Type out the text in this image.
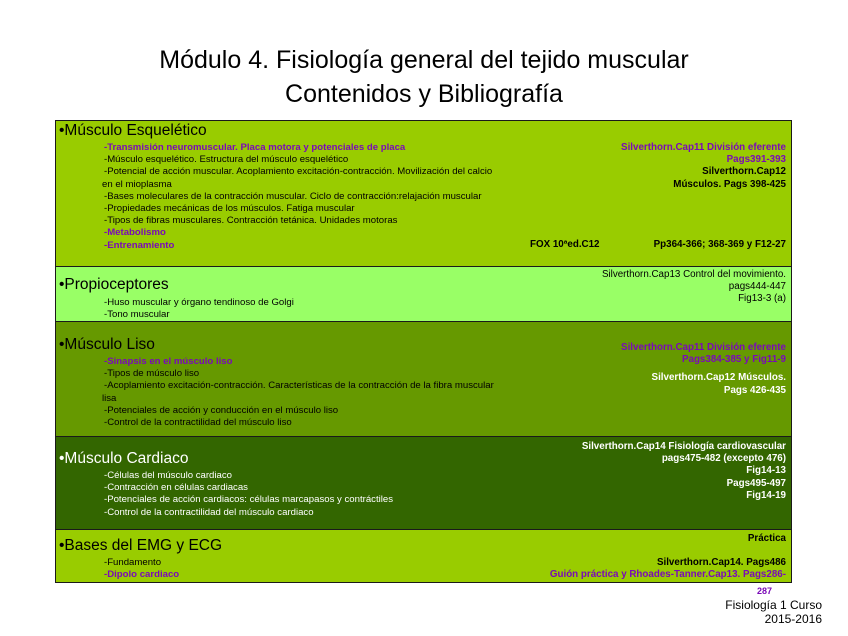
Módulo 4. Fisiología general del tejido muscular
Contenidos y Bibliografía
•Músculo Esquelético
-Transmisión neuromuscular. Placa motora y potenciales de placa
-Músculo esquelético. Estructura del músculo esquelético
-Potencial de acción muscular. Acoplamiento excitación-contracción. Movilización del calcio
en el mioplasma
-Bases moleculares de la contracción muscular. Ciclo de contracción:relajación muscular
-Propiedades mecánicas de los músculos. Fatiga muscular
-Tipos de fibras musculares. Contracción tetánica. Unidades motoras
-Metabolismo
-Entrenamiento
Silverthorn.Cap11 División eferente
Pags391-393
Silverthorn.Cap12
Músculos. Pags 398-425
FOX 10ªed.C12	Pp364-366; 368-369 y F12-27
•Propioceptores
-Huso muscular y órgano tendinoso de Golgi
-Tono muscular
Silverthorn.Cap13 Control del movimiento.
pags444-447
Fig13-3 (a)
•Músculo Liso
-Sinapsis en el músculo liso
-Tipos de músculo liso
-Acoplamiento excitación-contracción. Características de la contracción de la fibra muscular
lisa
-Potenciales de acción y conducción en el músculo liso
-Control de la contractilidad del músculo liso
Silverthorn.Cap11 División eferente
Pags384-385 y Fig11-9
Silverthorn.Cap12 Músculos.
Pags 426-435
•Músculo Cardiaco
-Células del músculo cardiaco
-Contracción en células cardiacas
-Potenciales de acción cardiacos: células marcapasos y contráctiles
-Control de la contractilidad del músculo cardiaco
Silverthorn.Cap14 Fisiología cardiovascular
pags475-482 (excepto 476)
Fig14-13
Pags495-497
Fig14-19
•Bases del EMG y ECG
-Fundamento
-Dipolo cardiaco
Práctica
Silverthorn.Cap14. Pags486
Guión práctica y Rhoades-Tanner.Cap13. Pags286-
287
Fisiología 1 Curso
2015-2016
